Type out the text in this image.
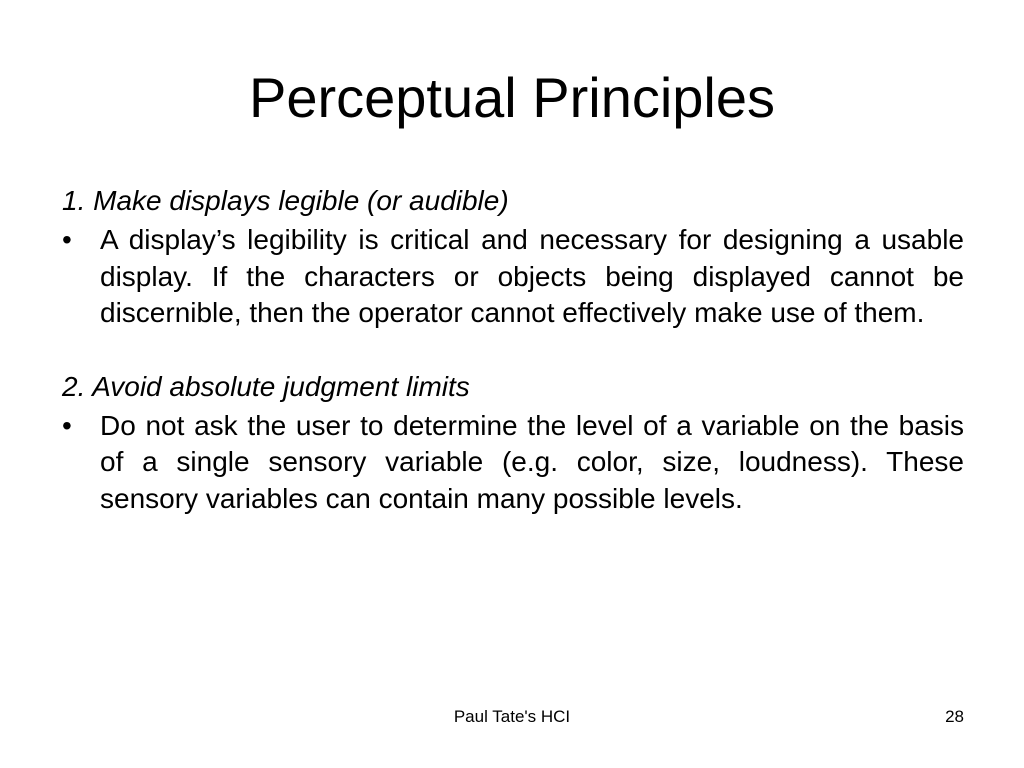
Perceptual Principles

1. Make displays legible (or audible)

• A display’s legibility is critical and necessary for designing a usable display. If the characters or objects being displayed cannot be discernible, then the operator cannot effectively make use of them.

2. Avoid absolute judgment limits

• Do not ask the user to determine the level of a variable on the basis of a single sensory variable (e.g. color, size, loudness). These sensory variables can contain many possible levels.

Paul Tate's HCI	28
